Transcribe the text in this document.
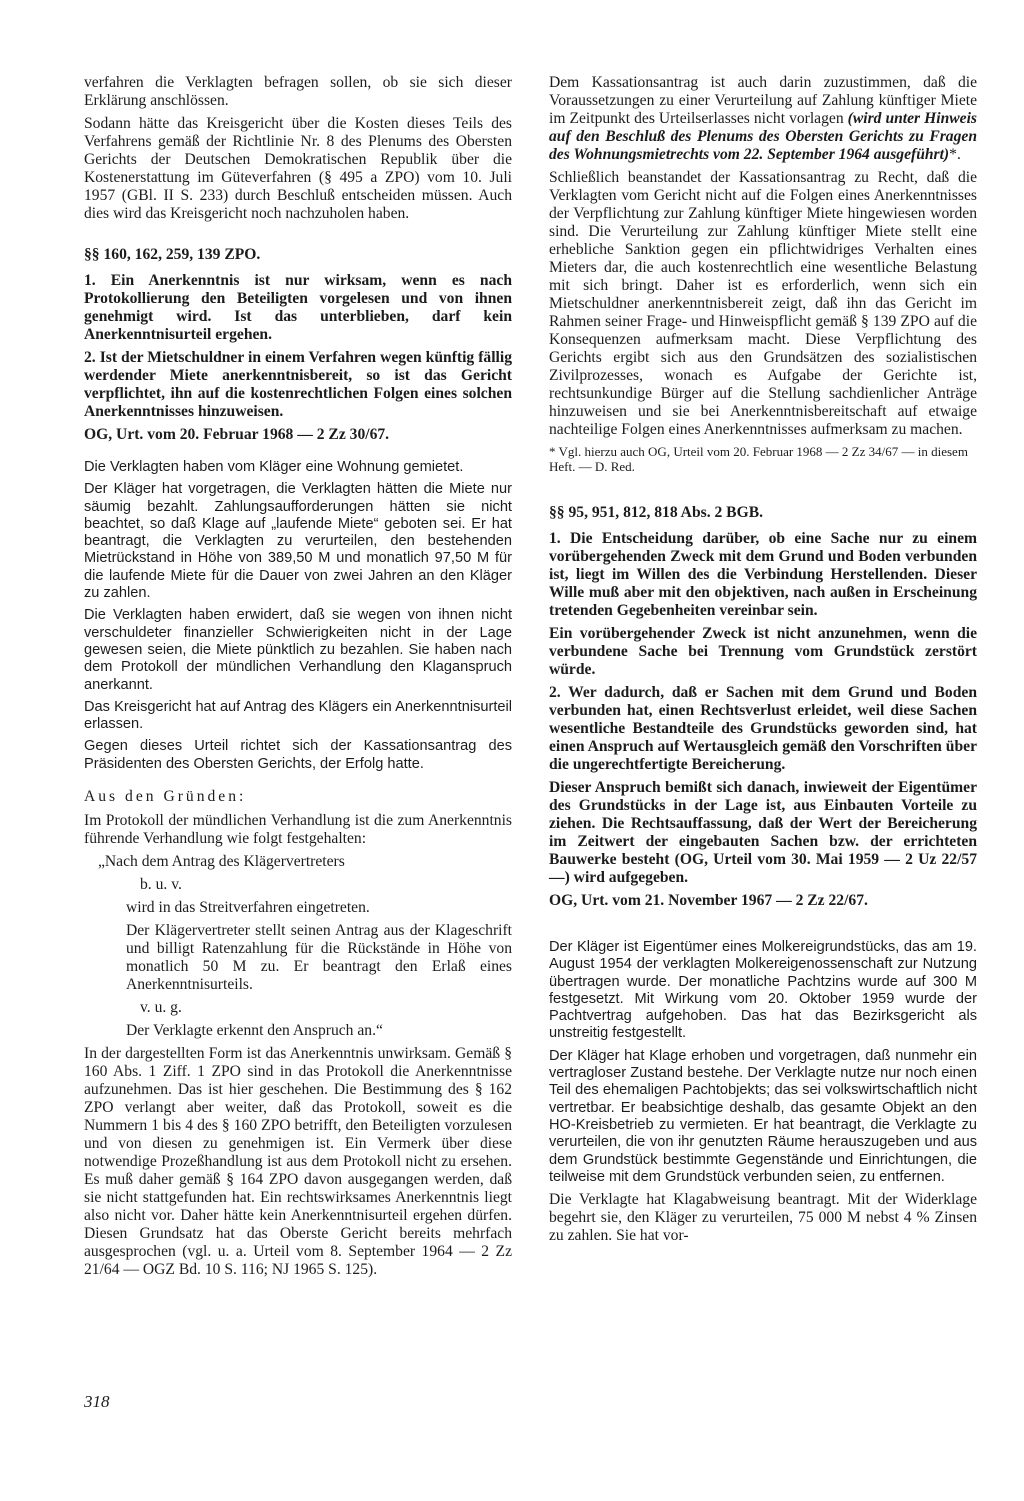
verfahren die Verklagten befragen sollen, ob sie sich dieser Erklärung anschlössen.

Sodann hätte das Kreisgericht über die Kosten dieses Teils des Verfahrens gemäß der Richtlinie Nr. 8 des Plenums des Obersten Gerichts der Deutschen Demokratischen Republik über die Kostenerstattung im Güteverfahren (§ 495 a ZPO) vom 10. Juli 1957 (GBl. II S. 233) durch Beschluß entscheiden müssen. Auch dies wird das Kreisgericht noch nachzuholen haben.

§§ 160, 162, 259, 139 ZPO.

1. Ein Anerkenntnis ist nur wirksam, wenn es nach Protokollierung den Beteiligten vorgelesen und von ihnen genehmigt wird. Ist das unterblieben, darf kein Anerkenntnisurteil ergehen.

2. Ist der Mietschuldner in einem Verfahren wegen künftig fällig werdender Miete anerkenntnisbereit, so ist das Gericht verpflichtet, ihn auf die kostenrechtlichen Folgen eines solchen Anerkenntnisses hinzuweisen.

OG, Urt. vom 20. Februar 1968 — 2 Zz 30/67.

Die Verklagten haben vom Kläger eine Wohnung gemietet.

Der Kläger hat vorgetragen, die Verklagten hätten die Miete nur säumig bezahlt. Zahlungsaufforderungen hätten sie nicht beachtet, so daß Klage auf „laufende Miete“ geboten sei. Er hat beantragt, die Verklagten zu verurteilen, den bestehenden Mietrückstand in Höhe von 389,50 M und monatlich 97,50 M für die laufende Miete für die Dauer von zwei Jahren an den Kläger zu zahlen.

Die Verklagten haben erwidert, daß sie wegen von ihnen nicht verschuldeter finanzieller Schwierigkeiten nicht in der Lage gewesen seien, die Miete pünktlich zu bezahlen. Sie haben nach dem Protokoll der mündlichen Verhandlung den Klaganspruch anerkannt.

Das Kreisgericht hat auf Antrag des Klägers ein Anerkenntnisurteil erlassen.

Gegen dieses Urteil richtet sich der Kassationsantrag des Präsidenten des Obersten Gerichts, der Erfolg hatte.

Aus den Gründen:

Im Protokoll der mündlichen Verhandlung ist die zum Anerkenntnis führende Verhandlung wie folgt festgehalten:

„Nach dem Antrag des Klägervertreters

b. u. v.

wird in das Streitverfahren eingetreten.

Der Klägervertreter stellt seinen Antrag aus der Klageschrift und billigt Ratenzahlung für die Rückstände in Höhe von monatlich 50 M zu. Er beantragt den Erlaß eines Anerkenntnisurteils.

v. u. g.

Der Verklagte erkennt den Anspruch an.“

In der dargestellten Form ist das Anerkenntnis unwirksam. Gemäß § 160 Abs. 1 Ziff. 1 ZPO sind in das Protokoll die Anerkenntnisse aufzunehmen. Das ist hier geschehen. Die Bestimmung des § 162 ZPO verlangt aber weiter, daß das Protokoll, soweit es die Nummern 1 bis 4 des § 160 ZPO betrifft, den Beteiligten vorzulesen und von diesen zu genehmigen ist. Ein Vermerk über diese notwendige Prozeßhandlung ist aus dem Protokoll nicht zu ersehen. Es muß daher gemäß § 164 ZPO davon ausgegangen werden, daß sie nicht stattgefunden hat. Ein rechtswirksames Anerkenntnis liegt also nicht vor. Daher hätte kein Anerkenntnisurteil ergehen dürfen. Diesen Grundsatz hat das Oberste Gericht bereits mehrfach ausgesprochen (vgl. u. a. Urteil vom 8. September 1964 — 2 Zz 21/64 — OGZ Bd. 10 S. 116; NJ 1965 S. 125).

Dem Kassationsantrag ist auch darin zuzustimmen, daß die Voraussetzungen zu einer Verurteilung auf Zahlung künftiger Miete im Zeitpunkt des Urteilserlasses nicht vorlagen (wird unter Hinweis auf den Beschluß des Plenums des Obersten Gerichts zu Fragen des Wohnungsmietrechts vom 22. September 1964 ausgeführt)*.

Schließlich beanstandet der Kassationsantrag zu Recht, daß die Verklagten vom Gericht nicht auf die Folgen eines Anerkenntnisses der Verpflichtung zur Zahlung künftiger Miete hingewiesen worden sind. Die Verurteilung zur Zahlung künftiger Miete stellt eine erhebliche Sanktion gegen ein pflichtwidriges Verhalten eines Mieters dar, die auch kostenrechtlich eine wesentliche Belastung mit sich bringt. Daher ist es erforderlich, wenn sich ein Mietschuldner anerkenntnisbereit zeigt, daß ihn das Gericht im Rahmen seiner Frage- und Hinweispflicht gemäß § 139 ZPO auf die Konsequenzen aufmerksam macht. Diese Verpflichtung des Gerichts ergibt sich aus den Grundsätzen des sozialistischen Zivilprozesses, wonach es Aufgabe der Gerichte ist, rechtsunkundige Bürger auf die Stellung sachdienlicher Anträge hinzuweisen und sie bei Anerkenntnisbereitschaft auf etwaige nachteilige Folgen eines Anerkenntnisses aufmerksam zu machen.

* Vgl. hierzu auch OG, Urteil vom 20. Februar 1968 — 2 Zz 34/67 — in diesem Heft. — D. Red.

§§ 95, 951, 812, 818 Abs. 2 BGB.

1. Die Entscheidung darüber, ob eine Sache nur zu einem vorübergehenden Zweck mit dem Grund und Boden verbunden ist, liegt im Willen des die Verbindung Herstellenden. Dieser Wille muß aber mit den objektiven, nach außen in Erscheinung tretenden Gegebenheiten vereinbar sein.

Ein vorübergehender Zweck ist nicht anzunehmen, wenn die verbundene Sache bei Trennung vom Grundstück zerstört würde.

2. Wer dadurch, daß er Sachen mit dem Grund und Boden verbunden hat, einen Rechtsverlust erleidet, weil diese Sachen wesentliche Bestandteile des Grundstücks geworden sind, hat einen Anspruch auf Wertausgleich gemäß den Vorschriften über die ungerechtfertigte Bereicherung.

Dieser Anspruch bemißt sich danach, inwieweit der Eigentümer des Grundstücks in der Lage ist, aus Einbauten Vorteile zu ziehen. Die Rechtsauffassung, daß der Wert der Bereicherung im Zeitwert der eingebauten Sachen bzw. der errichteten Bauwerke besteht (OG, Urteil vom 30. Mai 1959 — 2 Uz 22/57 —) wird aufgegeben.

OG, Urt. vom 21. November 1967 — 2 Zz 22/67.

Der Kläger ist Eigentümer eines Molkereigrundstücks, das am 19. August 1954 der verklagten Molkereigenossenschaft zur Nutzung übertragen wurde. Der monatliche Pachtzins wurde auf 300 M festgesetzt. Mit Wirkung vom 20. Oktober 1959 wurde der Pachtvertrag aufgehoben. Das hat das Bezirksgericht als unstreitig festgestellt.

Der Kläger hat Klage erhoben und vorgetragen, daß nunmehr ein vertragloser Zustand bestehe. Der Verklagte nutze nur noch einen Teil des ehemaligen Pachtobjekts; das sei volkswirtschaftlich nicht vertretbar. Er beabsichtige deshalb, das gesamte Objekt an den HO-Kreisbetrieb zu vermieten. Er hat beantragt, die Verklagte zu verurteilen, die von ihr genutzten Räume herauszugeben und aus dem Grundstück bestimmte Gegenstände und Einrichtungen, die teilweise mit dem Grundstück verbunden seien, zu entfernen.

Die Verklagte hat Klagabweisung beantragt. Mit der Widerklage begehrt sie, den Kläger zu verurteilen, 75 000 M nebst 4 % Zinsen zu zahlen. Sie hat vor-

318
